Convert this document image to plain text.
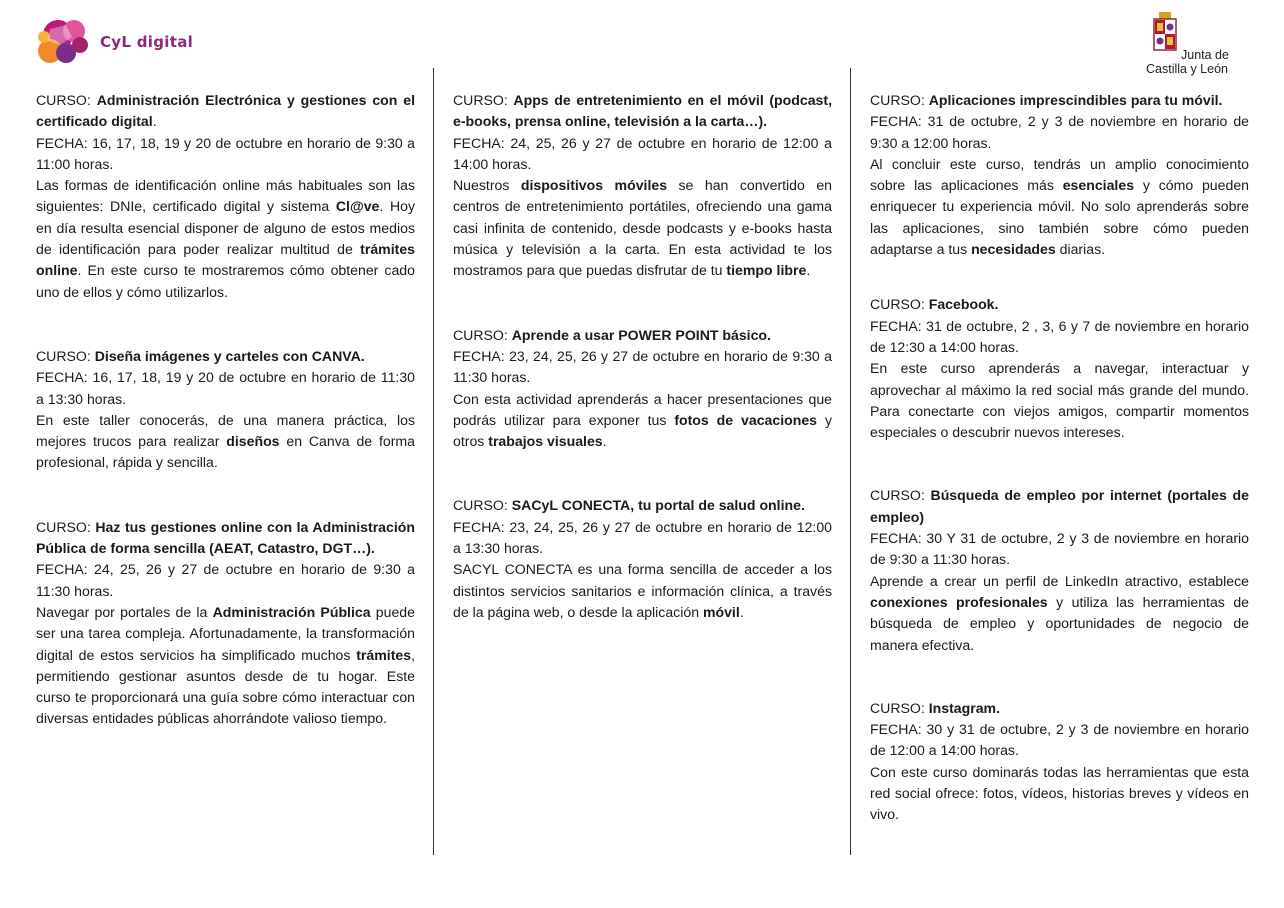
CyL digital
Junta de
Castilla y León

CURSO: Administración Electrónica y gestiones con el certificado digital.

FECHA: 16, 17, 18, 19 y 20 de octubre en horario de 9:30 a 11:00 horas.

Las formas de identificación online más habituales son las siguientes: DNIe, certificado digital y sistema Cl@ve. Hoy en día resulta esencial disponer de alguno de estos medios de identificación para poder realizar multitud de trámites online. En este curso te mostraremos cómo obtener cado uno de ellos y cómo utilizarlos.

CURSO: Diseña imágenes y carteles con CANVA.

FECHA: 16, 17, 18, 19 y 20 de octubre en horario de 11:30 a 13:30 horas.

En este taller conocerás, de una manera práctica, los mejores trucos para realizar diseños en Canva de forma profesional, rápida y sencilla.

CURSO: Haz tus gestiones online con la Administración Pública de forma sencilla (AEAT, Catastro, DGT…).

FECHA: 24, 25, 26 y 27 de octubre en horario de 9:30 a 11:30 horas.

Navegar por portales de la Administración Pública puede ser una tarea compleja. Afortunadamente, la transformación digital de estos servicios ha simplificado muchos trámites, permitiendo gestionar asuntos desde de tu hogar. Este curso te proporcionará una guía sobre cómo interactuar con diversas entidades públicas ahorrándote valioso tiempo.

CURSO: Apps de entretenimiento en el móvil (podcast, e-books, prensa online, televisión a la carta…).

FECHA: 24, 25, 26 y 27 de octubre en horario de 12:00 a 14:00 horas.

Nuestros dispositivos móviles se han convertido en centros de entretenimiento portátiles, ofreciendo una gama casi infinita de contenido, desde podcasts y e-books hasta música y televisión a la carta. En esta actividad te los mostramos para que puedas disfrutar de tu tiempo libre.

CURSO: Aprende a usar POWER POINT básico.

FECHA: 23, 24, 25, 26 y 27 de octubre en horario de 9:30 a 11:30 horas.

Con esta actividad aprenderás a hacer presentaciones que podrás utilizar para exponer tus fotos de vacaciones y otros trabajos visuales.

CURSO: SACyL CONECTA, tu portal de salud online.

FECHA: 23, 24, 25, 26 y 27 de octubre en horario de 12:00 a 13:30 horas.

SACYL CONECTA es una forma sencilla de acceder a los distintos servicios sanitarios e información clínica, a través de la página web, o desde la aplicación móvil.

CURSO: Aplicaciones imprescindibles para tu móvil.

FECHA: 31 de octubre, 2 y 3 de noviembre en horario de 9:30 a 12:00 horas.

Al concluir este curso, tendrás un amplio conocimiento sobre las aplicaciones más esenciales y cómo pueden enriquecer tu experiencia móvil. No solo aprenderás sobre las aplicaciones, sino también sobre cómo pueden adaptarse a tus necesidades diarias.

CURSO: Facebook.

FECHA: 31 de octubre, 2 , 3, 6 y 7 de noviembre en horario de 12:30 a 14:00 horas.

En este curso aprenderás a navegar, interactuar y aprovechar al máximo la red social más grande del mundo. Para conectarte con viejos amigos, compartir momentos especiales o descubrir nuevos intereses.

CURSO: Búsqueda de empleo por internet (portales de empleo)

FECHA: 30 Y 31 de octubre, 2 y 3 de noviembre en horario de 9:30 a 11:30 horas.

Aprende a crear un perfil de LinkedIn atractivo, establece conexiones profesionales y utiliza las herramientas de búsqueda de empleo y oportunidades de negocio de manera efectiva.

CURSO: Instagram.

FECHA: 30 y 31 de octubre, 2 y 3 de noviembre en horario de 12:00 a 14:00 horas.

Con este curso dominarás todas las herramientas que esta red social ofrece: fotos, vídeos, historias breves y vídeos en vivo.
